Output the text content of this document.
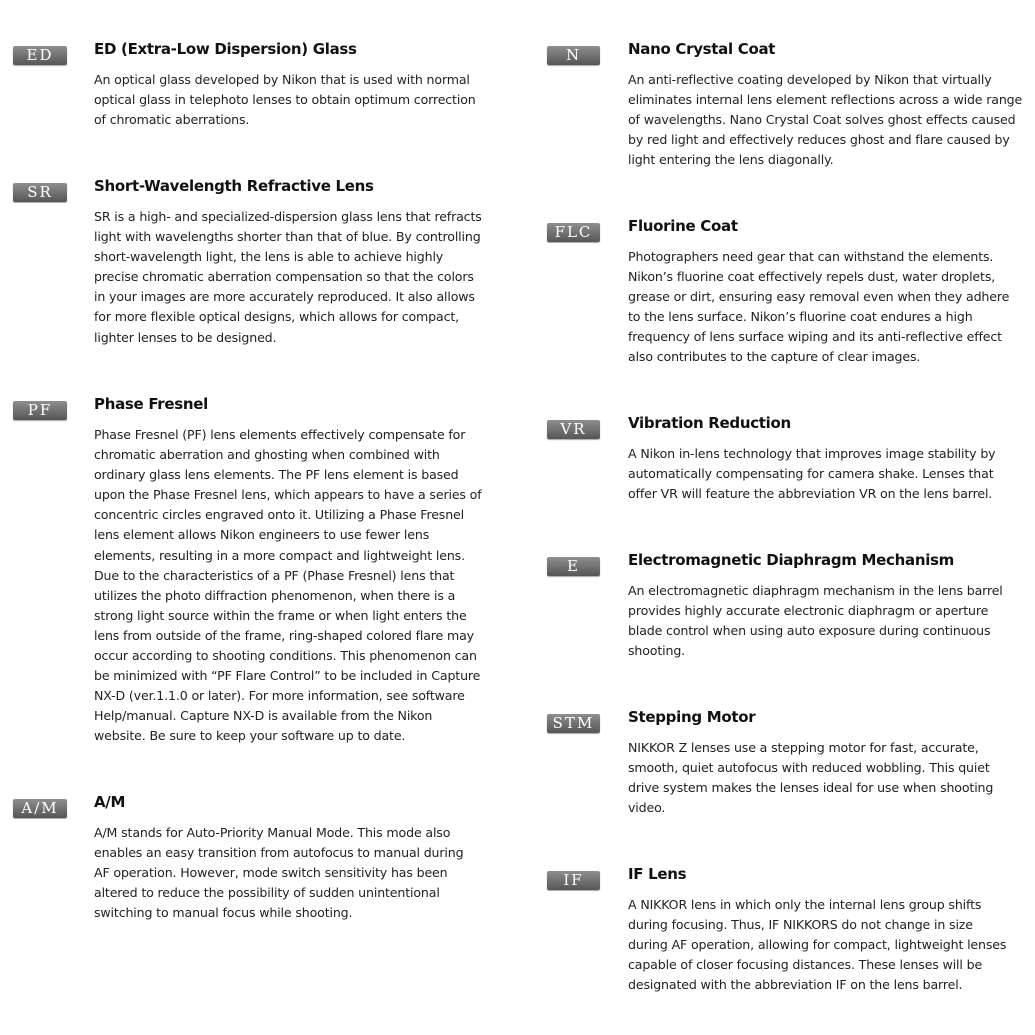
ED	ED (Extra-Low Dispersion) Glass
An optical glass developed by Nikon that is used with normal
optical glass in telephoto lenses to obtain optimum correction
of chromatic aberrations.
SR	Short-Wavelength Refractive Lens
SR is a high- and specialized-dispersion glass lens that refracts
light with wavelengths shorter than that of blue. By controlling
short-wavelength light, the lens is able to achieve highly
precise chromatic aberration compensation so that the colors
in your images are more accurately reproduced. It also allows
for more flexible optical designs, which allows for compact,
lighter lenses to be designed.
PF	Phase Fresnel
Phase Fresnel (PF) lens elements effectively compensate for
chromatic aberration and ghosting when combined with
ordinary glass lens elements. The PF lens element is based
upon the Phase Fresnel lens, which appears to have a series of
concentric circles engraved onto it. Utilizing a Phase Fresnel
lens element allows Nikon engineers to use fewer lens
elements, resulting in a more compact and lightweight lens.
Due to the characteristics of a PF (Phase Fresnel) lens that
utilizes the photo diffraction phenomenon, when there is a
strong light source within the frame or when light enters the
lens from outside of the frame, ring-shaped colored flare may
occur according to shooting conditions. This phenomenon can
be minimized with “PF Flare Control” to be included in Capture
NX-D (ver.1.1.0 or later). For more information, see software
Help/manual. Capture NX-D is available from the Nikon
website. Be sure to keep your software up to date.
A/M	A/M
A/M stands for Auto-Priority Manual Mode. This mode also
enables an easy transition from autofocus to manual during
AF operation. However, mode switch sensitivity has been
altered to reduce the possibility of sudden unintentional
switching to manual focus while shooting.
N	Nano Crystal Coat
An anti-reflective coating developed by Nikon that virtually
eliminates internal lens element reflections across a wide range
of wavelengths. Nano Crystal Coat solves ghost effects caused
by red light and effectively reduces ghost and flare caused by
light entering the lens diagonally.
FLC	Fluorine Coat
Photographers need gear that can withstand the elements.
Nikon’s fluorine coat effectively repels dust, water droplets,
grease or dirt, ensuring easy removal even when they adhere
to the lens surface. Nikon’s fluorine coat endures a high
frequency of lens surface wiping and its anti-reflective effect
also contributes to the capture of clear images.
VR	Vibration Reduction
A Nikon in-lens technology that improves image stability by
automatically compensating for camera shake. Lenses that
offer VR will feature the abbreviation VR on the lens barrel.
E	Electromagnetic Diaphragm Mechanism
An electromagnetic diaphragm mechanism in the lens barrel
provides highly accurate electronic diaphragm or aperture
blade control when using auto exposure during continuous
shooting.
STM	Stepping Motor
NIKKOR Z lenses use a stepping motor for fast, accurate,
smooth, quiet autofocus with reduced wobbling. This quiet
drive system makes the lenses ideal for use when shooting
video.
IF	IF Lens
A NIKKOR lens in which only the internal lens group shifts
during focusing. Thus, IF NIKKORS do not change in size
during AF operation, allowing for compact, lightweight lenses
capable of closer focusing distances. These lenses will be
designated with the abbreviation IF on the lens barrel.
